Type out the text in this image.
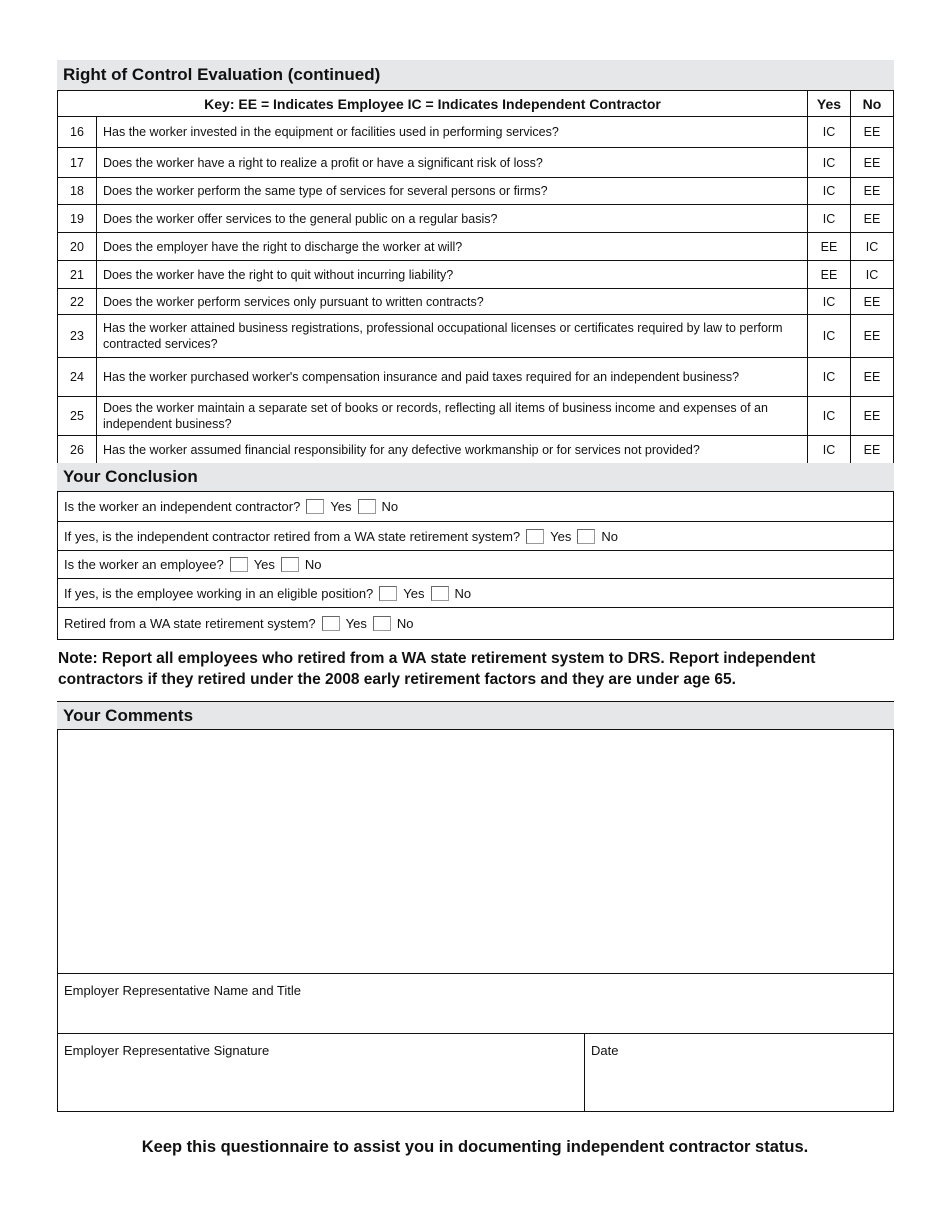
Right of Control Evaluation (continued)
Key: EE = Indicates Employee IC = Indicates Independent Contractor		Yes	No
16	Has the worker invested in the equipment or facilities used in performing services?	IC	EE
17	Does the worker have a right to realize a profit or have a significant risk of loss?	IC	EE
18	Does the worker perform the same type of services for several persons or firms?	IC	EE
19	Does the worker offer services to the general public on a regular basis?	IC	EE
20	Does the employer have the right to discharge the worker at will?	EE	IC
21	Does the worker have the right to quit without incurring liability?	EE	IC
22	Does the worker perform services only pursuant to written contracts?	IC	EE
23	Has the worker attained business registrations, professional occupational licenses or certificates required by law to perform contracted services?	IC	EE
24	Has the worker purchased worker's compensation insurance and paid taxes required for an independent business?	IC	EE
25	Does the worker maintain a separate set of books or records, reflecting all items of business income and expenses of an independent business?	IC	EE
26	Has the worker assumed financial responsibility for any defective workmanship or for services not provided?	IC	EE
Your Conclusion
Is the worker an independent contractor? Yes No
If yes, is the independent contractor retired from a WA state retirement system? Yes No
Is the worker an employee? Yes No
If yes, is the employee working in an eligible position? Yes No
Retired from a WA state retirement system? Yes No
Note: Report all employees who retired from a WA state retirement system to DRS. Report independent contractors if they retired under the 2008 early retirement factors and they are under age 65.
Your Comments
Employer Representative Name and Title
Employer Representative Signature	Date
Keep this questionnaire to assist you in documenting independent contractor status.
